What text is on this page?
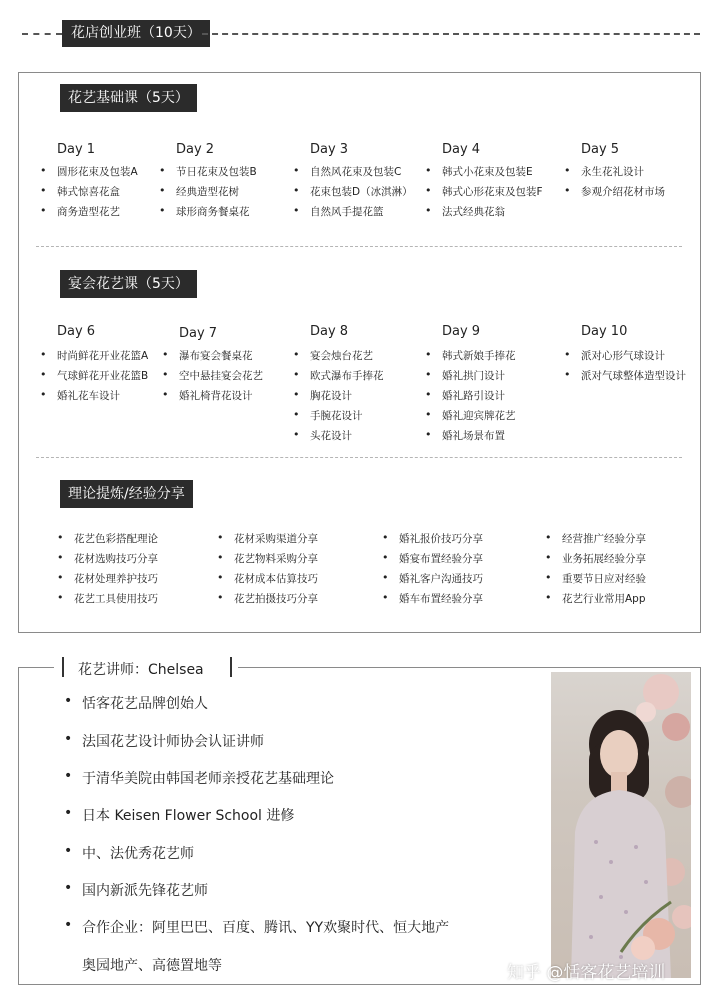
花店创业班（10天）
花艺基础课（5天）
Day 1
• 圆形花束及包装A
• 韩式惊喜花盒
• 商务造型花艺
Day 2
• 节日花束及包装B
• 经典造型花树
• 球形商务餐桌花
Day 3
• 自然风花束及包装C
• 花束包装D（冰淇淋）
• 自然风手提花篮
Day 4
• 韩式小花束及包装E
• 韩式心形花束及包装F
• 法式经典花翁
Day 5
• 永生花礼设计
• 参观介绍花材市场
宴会花艺课（5天）
Day 6
• 时尚鲜花开业花篮A
• 气球鲜花开业花篮B
• 婚礼花车设计
Day 7
• 瀑布宴会餐桌花
• 空中悬挂宴会花艺
• 婚礼椅背花设计
Day 8
• 宴会烛台花艺
• 欧式瀑布手捧花
• 胸花设计
• 手腕花设计
• 头花设计
Day 9
• 韩式新娘手捧花
• 婚礼拱门设计
• 婚礼路引设计
• 婚礼迎宾牌花艺
• 婚礼场景布置
Day 10
• 派对心形气球设计
• 派对气球整体造型设计
理论提炼/经验分享
• 花艺色彩搭配理论
• 花材选购技巧分享
• 花材处理养护技巧
• 花艺工具使用技巧
• 花材采购渠道分享
• 花艺物料采购分享
• 花材成本估算技巧
• 花艺拍摄技巧分享
• 婚礼报价技巧分享
• 婚宴布置经验分享
• 婚礼客户沟通技巧
• 婚车布置经验分享
• 经营推广经验分享
• 业务拓展经验分享
• 重要节日应对经验
• 花艺行业常用App
花艺讲师：Chelsea
• 恬客花艺品牌创始人
• 法国花艺设计师协会认证讲师
• 于清华美院由韩国老师亲授花艺基础理论
• 日本 Keisen Flower School 进修
• 中、法优秀花艺师
• 国内新派先锋花艺师
• 合作企业：阿里巴巴、百度、腾讯、YY欢聚时代、恒大地产
奥园地产、高德置地等	知乎 @恬客花艺培训
